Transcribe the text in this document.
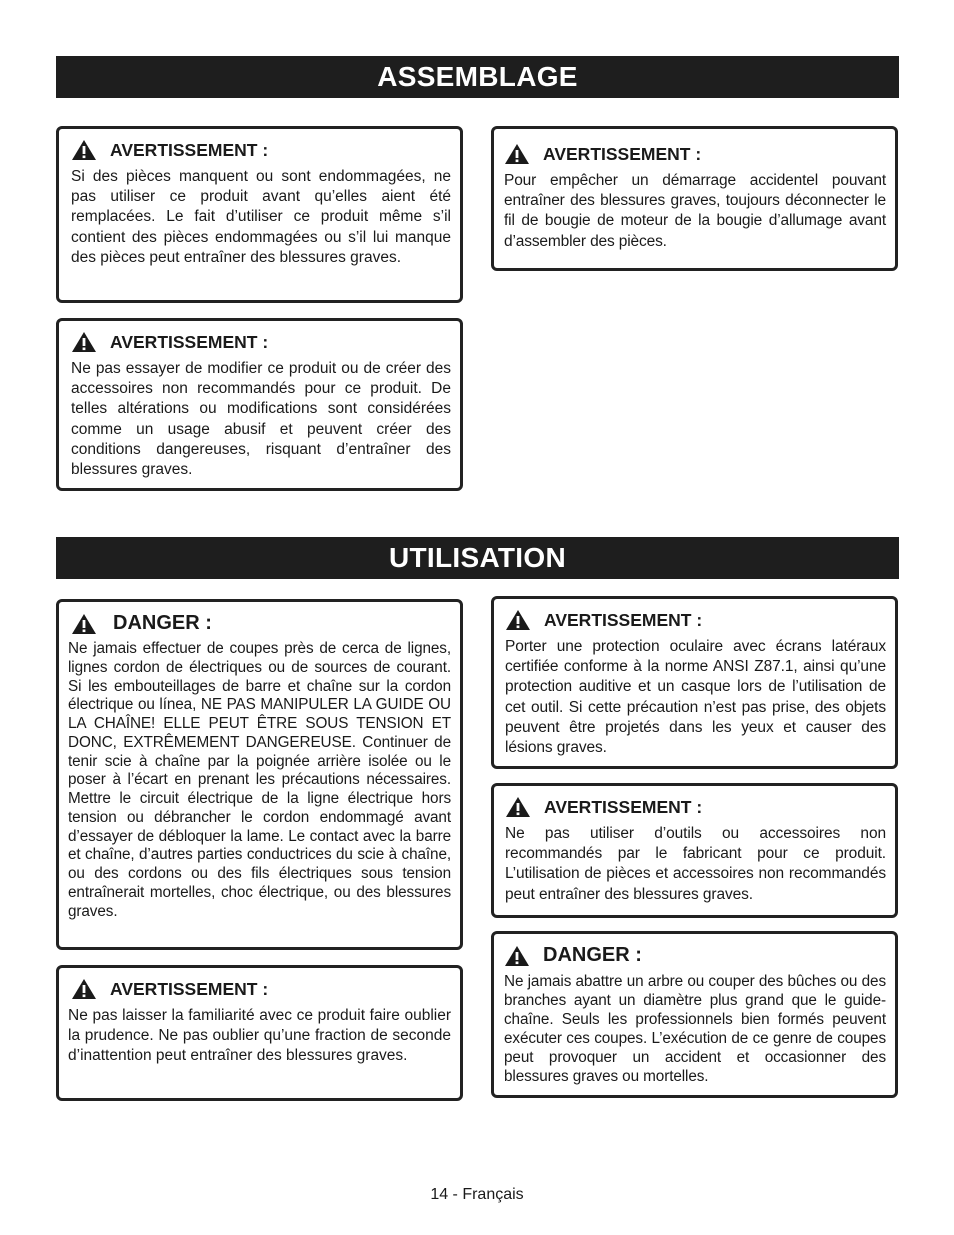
ASSEMBLAGE
UTILISATION
AVERTISSEMENT :
Si des pièces manquent ou sont endommagées, ne pas utiliser ce produit avant qu’elles aient été remplacées. Le fait d’utiliser ce produit même s’il contient des pièces endommagées ou s’il lui manque des pièces peut entraîner des blessures graves.
AVERTISSEMENT :
Pour empêcher un démarrage accidentel pouvant entraîner des blessures graves, toujours déconnecter le fil de bougie de moteur de la bougie d’allumage avant d’assembler des pièces.
AVERTISSEMENT :
Ne pas essayer de modifier ce produit ou de créer des accessoires non recommandés pour ce produit. De telles altérations ou modifications sont considérées comme un usage abusif et peuvent créer des conditions dangereuses, risquant d’entraîner des blessures graves.
DANGER :
Ne jamais effectuer de coupes près de cerca de lignes, lignes cordon de électriques ou de sources de courant. Si les embouteillages de barre et chaîne sur la cordon électrique ou línea, NE PAS MANIPULER LA GUIDE OU LA CHAÎNE! ELLE PEUT ÊTRE SOUS TENSION ET DONC, EXTRÊMEMENT DANGEREUSE. Continuer de tenir scie à chaîne par la poignée arrière isolée ou le poser à l’écart en prenant les précautions nécessaires. Mettre le circuit électrique de la ligne électrique hors tension ou débrancher le cordon endommagé avant d’essayer de débloquer la lame. Le contact avec la barre et chaîne, d’autres parties conductrices du scie à chaîne, ou des cordons ou des fils électriques sous tension entraînerait mortelles, choc électrique, ou des blessures graves.
AVERTISSEMENT :
Porter une protection oculaire avec écrans latéraux certifiée conforme à la norme ANSI Z87.1, ainsi qu’une protection auditive et un casque lors de l’utilisation de cet outil. Si cette précaution n’est pas prise, des objets peuvent être projetés dans les yeux et causer des lésions graves.
AVERTISSEMENT :
Ne pas utiliser d’outils ou accessoires non recommandés par le fabricant pour ce produit. L’utilisation de pièces et accessoires non recommandés peut entraîner des blessures graves.
AVERTISSEMENT :
Ne pas laisser la familiarité avec ce produit faire oublier la prudence. Ne pas oublier qu’une fraction de seconde d’inattention peut entraîner des blessures graves.
DANGER :
Ne jamais abattre un arbre ou couper des bûches ou des branches ayant un diamètre plus grand que le guide-chaîne. Seuls les professionnels bien formés peuvent exécuter ces coupes. L’exécution de ce genre de coupes peut provoquer un accident et occasionner des blessures graves ou mortelles.
14 - Français
